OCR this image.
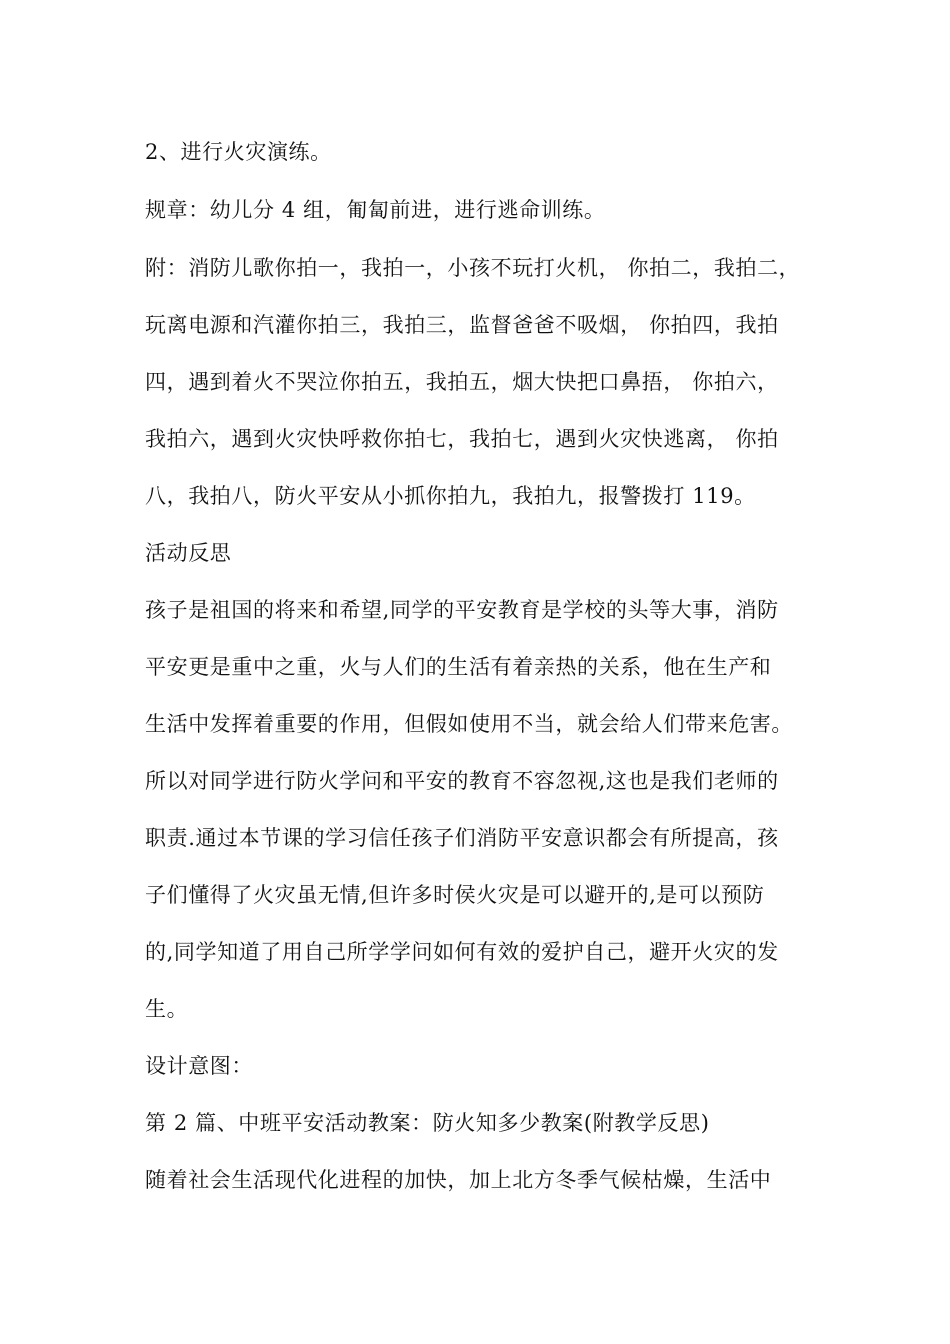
2、进行火灾演练。
规章：幼儿分 4 组，匍匐前进，进行逃命训练。
附：消防儿歌你拍一，我拍一，小孩不玩打火机， 你拍二，我拍二，
玩离电源和汽灌你拍三，我拍三，监督爸爸不吸烟， 你拍四，我拍
四，遇到着火不哭泣你拍五，我拍五，烟大快把口鼻捂， 你拍六，
我拍六，遇到火灾快呼救你拍七，我拍七，遇到火灾快逃离， 你拍
八，我拍八，防火平安从小抓你拍九，我拍九，报警拨打 119。
活动反思
孩子是祖国的将来和希望,同学的平安教育是学校的头等大事，消防
平安更是重中之重，火与人们的生活有着亲热的关系，他在生产和
生活中发挥着重要的作用，但假如使用不当，就会给人们带来危害。
所以对同学进行防火学问和平安的教育不容忽视,这也是我们老师的
职责.通过本节课的学习信任孩子们消防平安意识都会有所提高，孩
子们懂得了火灾虽无情,但许多时侯火灾是可以避开的,是可以预防
的,同学知道了用自己所学学问如何有效的爱护自己，避开火灾的发
生。
设计意图：
第 2 篇、中班平安活动教案：防火知多少教案(附教学反思)
随着社会生活现代化进程的加快，加上北方冬季气候枯燥，生活中
